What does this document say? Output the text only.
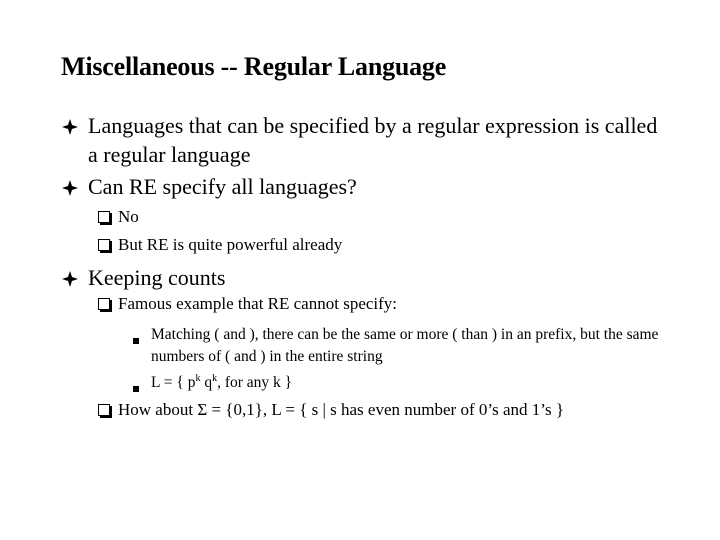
Miscellaneous -- Regular Language
Languages that can be specified by a regular expression is called a regular language
Can RE specify all languages?
No
But RE is quite powerful already
Keeping counts
Famous example that RE cannot specify:
Matching ( and ), there can be the same or more ( than ) in an prefix, but the same numbers of ( and ) in the entire string
L = { $p^k$ $q^k$, for any k }
How about Σ = {0,1}, L = { s | s has even number of 0’s and 1’s }
